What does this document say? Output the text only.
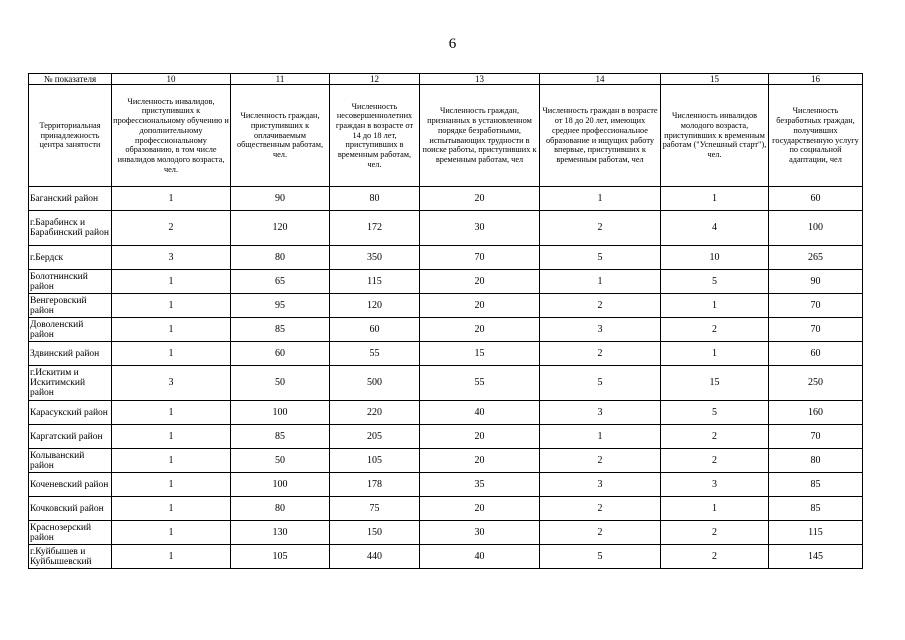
6
№ показателя	10	11	12	13	14	15	16
Территориальная принадлежность центра занятости	Численность инвалидов, приступивших к профессиональному обучению и дополнительному профессиональному образованию, в том числе инвалидов молодого возраста, чел.	Численность граждан, приступивших к оплачиваемым общественным работам, чел.	Численность несовершеннолетних граждан в возрасте от 14 до 18 лет, приступивших в временным работам, чел.	Численность граждан, признанных в установленном порядке безработными, испытывающих трудности в поиске работы, приступивших к временным работам, чел	Численность граждан в возрасте от 18 до 20 лет, имеющих среднее профессиональное образование и ищущих работу впервые, приступивших к временным работам, чел	Численность инвалидов молодого возраста, приступивших к временным работам ("Успешный старт"), чел.	Численность безработных граждан, получивших государственную услугу по социальной адаптации, чел
Баганский район	1	90	80	20	1	1	60
г.Барабинск и Барабинский район	2	120	172	30	2	4	100
г.Бердск	3	80	350	70	5	10	265
Болотнинский район	1	65	115	20	1	5	90
Венгеровский район	1	95	120	20	2	1	70
Доволенский район	1	85	60	20	3	2	70
Здвинский район	1	60	55	15	2	1	60
г.Искитим и Искитимский район	3	50	500	55	5	15	250
Карасукский район	1	100	220	40	3	5	160
Каргатский район	1	85	205	20	1	2	70
Колыванский район	1	50	105	20	2	2	80
Коченевский район	1	100	178	35	3	3	85
Кочковский район	1	80	75	20	2	1	85
Краснозерский район	1	130	150	30	2	2	115
г.Куйбышев и Куйбышевский	1	105	440	40	5	2	145
